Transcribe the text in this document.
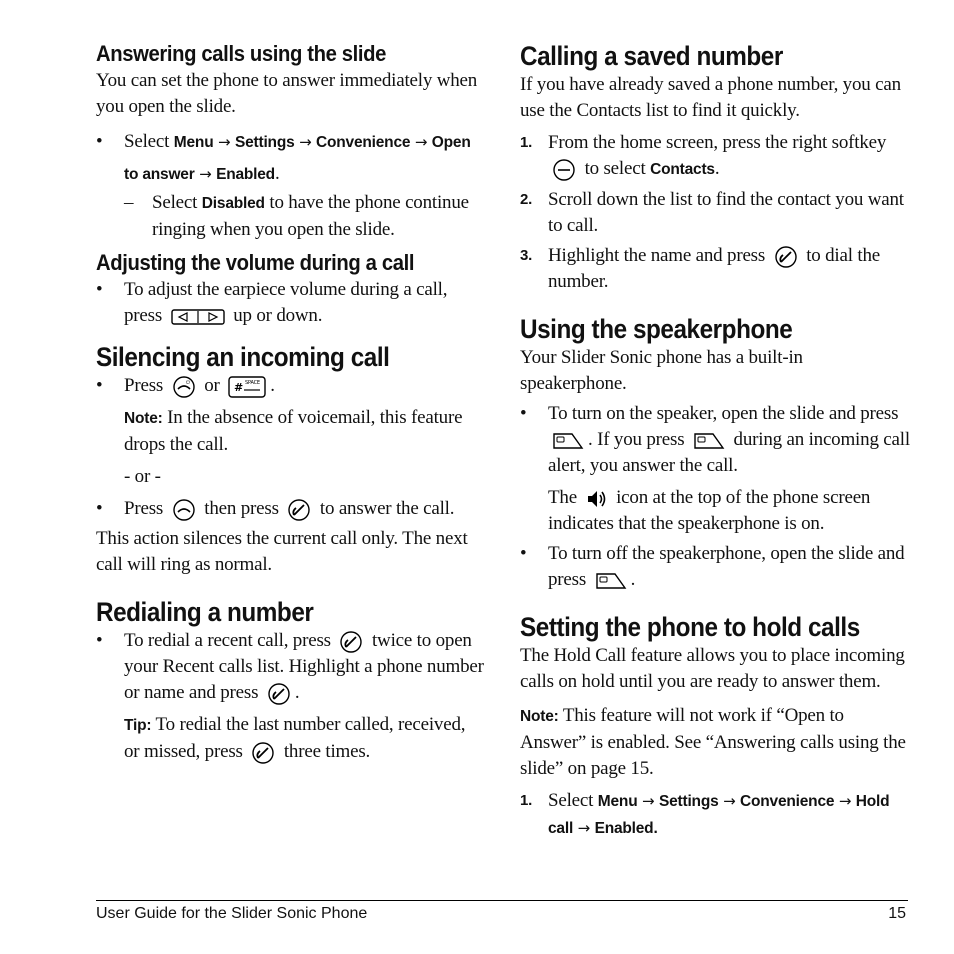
Answering calls using the slide

You can set the phone to answer immediately when you open the slide.

•	Select Menu → Settings → Convenience → Open to answer → Enabled.
– Select Disabled to have the phone continue ringing when you open the slide.
Adjusting the volume during a call
•	To adjust the earpiece volume during a call, press	up or down.
Silencing an incoming call
•	Press	⏻ or # SPACE .

Note: In the absence of voicemail, this feature drops the call.

- or -

•	Press then press to answer the call.

This action silences the current call only. The next call will ring as normal.

Redialing a number
•	To redial a recent call, press twice to open your Recent calls list. Highlight a phone number or name and press .

Tip: To redial the last number called, received, or missed, press three times.

Calling a saved number

If you have already saved a phone number, you can use the Contacts list to find it quickly.

1. From the home screen, press the right softkey
to select Contacts.
2. Scroll down the list to find the contact you want to call.
3. Highlight the name and press to dial the number.
Using the speakerphone

Your Slider Sonic phone has a built-in speakerphone.

•	To turn on the speaker, open the slide and press
. If you press	during an incoming call alert, you answer the call.

The icon at the top of the phone screen indicates that the speakerphone is on.

•	To turn off the speakerphone, open the slide and press .
Setting the phone to hold calls

The Hold Call feature allows you to place incoming calls on hold until you are ready to answer them.

Note: This feature will not work if “Open to Answer” is enabled. See “Answering calls using the slide” on page 15.

1. Select Menu → Settings → Convenience → Hold call → Enabled.
User Guide for the Slider Sonic Phone	15
